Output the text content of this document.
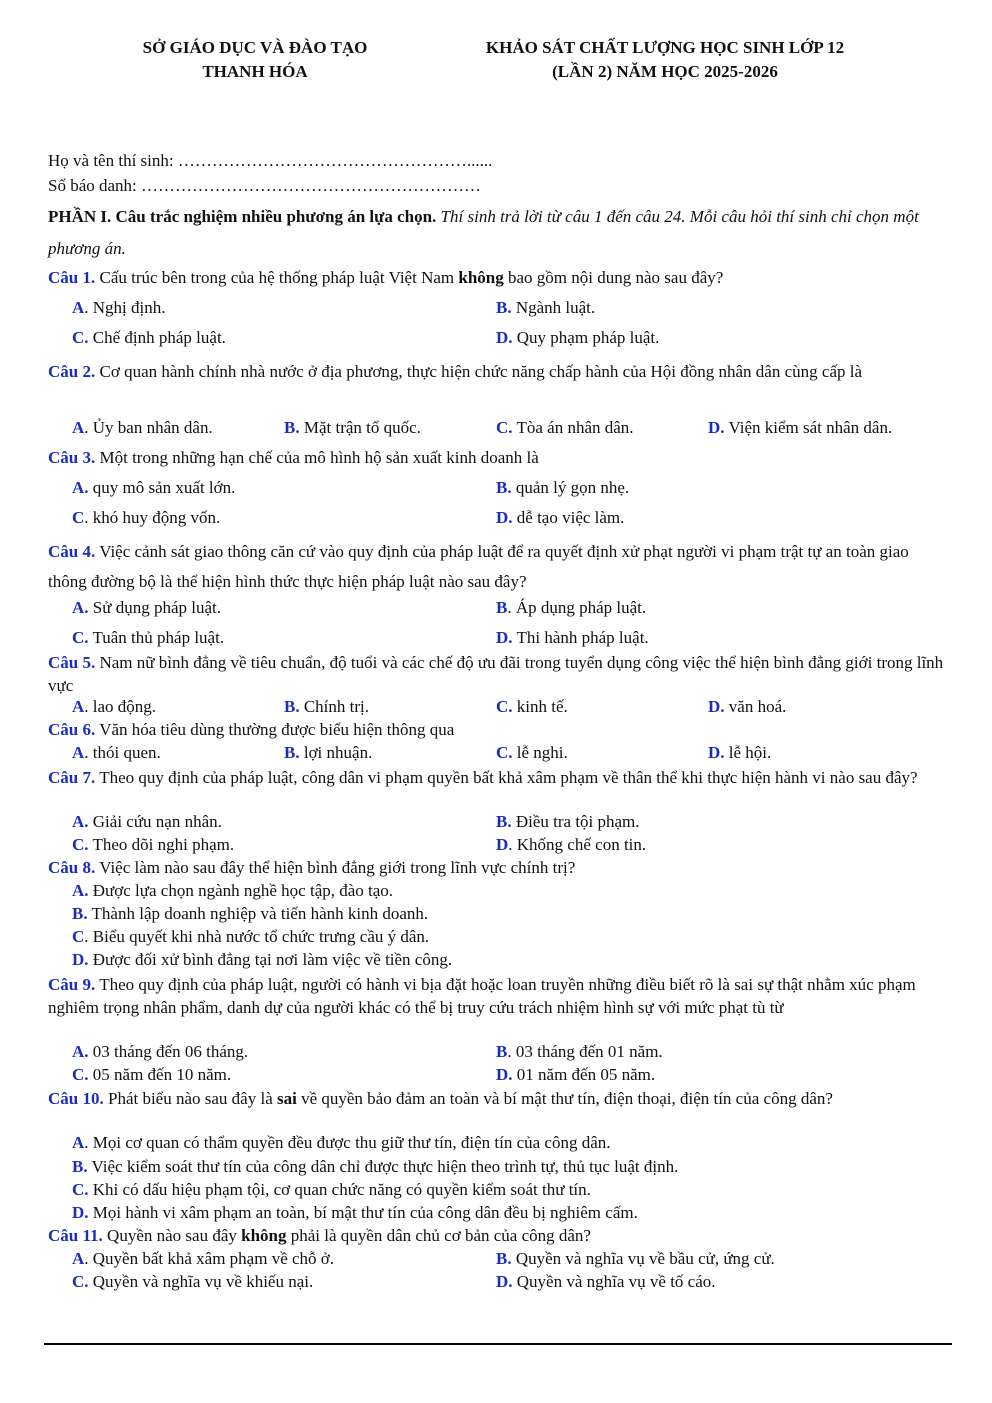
SỞ GIÁO DỤC VÀ ĐÀO TẠO
THANH HÓA
KHẢO SÁT CHẤT LƯỢNG HỌC SINH LỚP 12
(LẦN 2) NĂM HỌC 2025-2026
Họ và tên thí sinh: ……………………………………………......
Số báo danh: ……………………………………………………
PHẦN I. Câu trắc nghiệm nhiều phương án lựa chọn. Thí sinh trả lời từ câu 1 đến câu 24. Mỗi câu hỏi thí sinh chỉ chọn một phương án.
Câu 1. Cấu trúc bên trong của hệ thống pháp luật Việt Nam không bao gồm nội dung nào sau đây?
A. Nghị định.	B. Ngành luật.
C. Chế định pháp luật.	D. Quy phạm pháp luật.
Câu 2. Cơ quan hành chính nhà nước ở địa phương, thực hiện chức năng chấp hành của Hội đồng nhân dân cùng cấp là
A. Ủy ban nhân dân.	B. Mặt trận tổ quốc.	C. Tòa án nhân dân.	D. Viện kiểm sát nhân dân.
Câu 3. Một trong những hạn chế của mô hình hộ sản xuất kinh doanh là
A. quy mô sản xuất lớn.	B. quản lý gọn nhẹ.
C. khó huy động vốn.	D. dễ tạo việc làm.
Câu 4. Việc cảnh sát giao thông căn cứ vào quy định của pháp luật để ra quyết định xử phạt người vi phạm trật tự an toàn giao thông đường bộ là thể hiện hình thức thực hiện pháp luật nào sau đây?
A. Sử dụng pháp luật.	B. Áp dụng pháp luật.
C. Tuân thủ pháp luật.	D. Thi hành pháp luật.
Câu 5. Nam nữ bình đẳng về tiêu chuẩn, độ tuổi và các chế độ ưu đãi trong tuyển dụng công việc thể hiện bình đẳng giới trong lĩnh vực
A. lao động.	B. Chính trị.	C. kinh tế.	D. văn hoá.
Câu 6. Văn hóa tiêu dùng thường được biểu hiện thông qua
A. thói quen.	B. lợi nhuận.	C. lễ nghi.	D. lễ hội.
Câu 7. Theo quy định của pháp luật, công dân vi phạm quyền bất khả xâm phạm về thân thể khi thực hiện hành vi nào sau đây?
A. Giải cứu nạn nhân.	B. Điều tra tội phạm.
C. Theo dõi nghi phạm.	D. Khống chế con tin.
Câu 8. Việc làm nào sau đây thể hiện bình đẳng giới trong lĩnh vực chính trị?
A. Được lựa chọn ngành nghề học tập, đào tạo.
B. Thành lập doanh nghiệp và tiến hành kinh doanh.
C. Biểu quyết khi nhà nước tổ chức trưng cầu ý dân.
D. Được đối xử bình đẳng tại nơi làm việc về tiền công.
Câu 9. Theo quy định của pháp luật, người có hành vi bịa đặt hoặc loan truyền những điều biết rõ là sai sự thật nhằm xúc phạm nghiêm trọng nhân phẩm, danh dự của người khác có thể bị truy cứu trách nhiệm hình sự với mức phạt tù từ
A. 03 tháng đến 06 tháng.	B. 03 tháng đến 01 năm.
C. 05 năm đến 10 năm.	D. 01 năm đến 05 năm.
Câu 10. Phát biểu nào sau đây là sai về quyền bảo đảm an toàn và bí mật thư tín, điện thoại, điện tín của công dân?
A. Mọi cơ quan có thẩm quyền đều được thu giữ thư tín, điện tín của công dân.
B. Việc kiểm soát thư tín của công dân chỉ được thực hiện theo trình tự, thủ tục luật định.
C. Khi có dấu hiệu phạm tội, cơ quan chức năng có quyền kiểm soát thư tín.
D. Mọi hành vi xâm phạm an toàn, bí mật thư tín của công dân đều bị nghiêm cấm.
Câu 11. Quyền nào sau đây không phải là quyền dân chủ cơ bản của công dân?
A. Quyền bất khả xâm phạm về chỗ ở.	B. Quyền và nghĩa vụ về bầu cử, ứng cử.
C. Quyền và nghĩa vụ về khiếu nại.	D. Quyền và nghĩa vụ về tố cáo.
